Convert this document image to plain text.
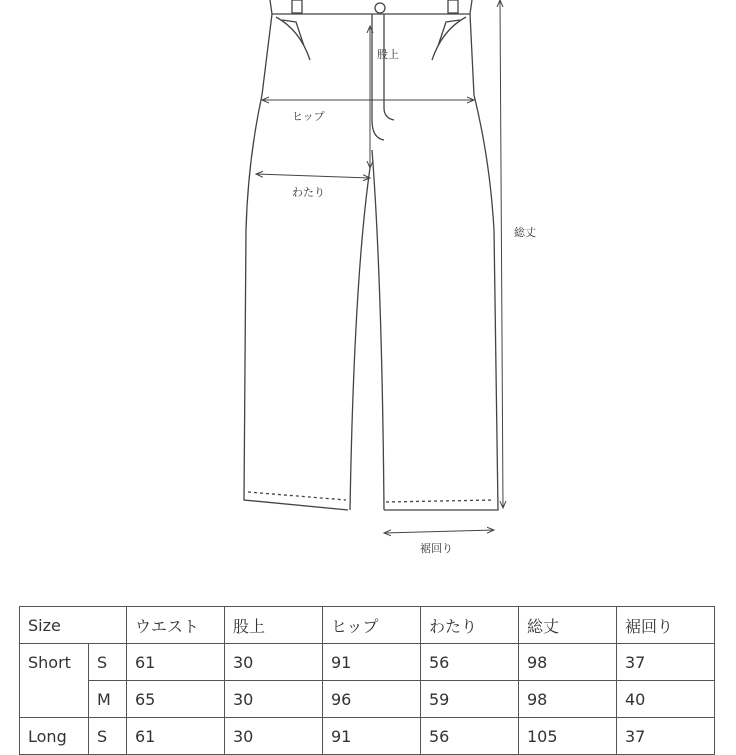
股上
ヒップ
わたり
総丈
裾回り
Size		ウエスト	股上	ヒップ	わたり	総丈	裾回り
Short	S	61	30	91	56	98	37
	M	65	30	96	59	98	40
Long	S	61	30	91	56	105	37
